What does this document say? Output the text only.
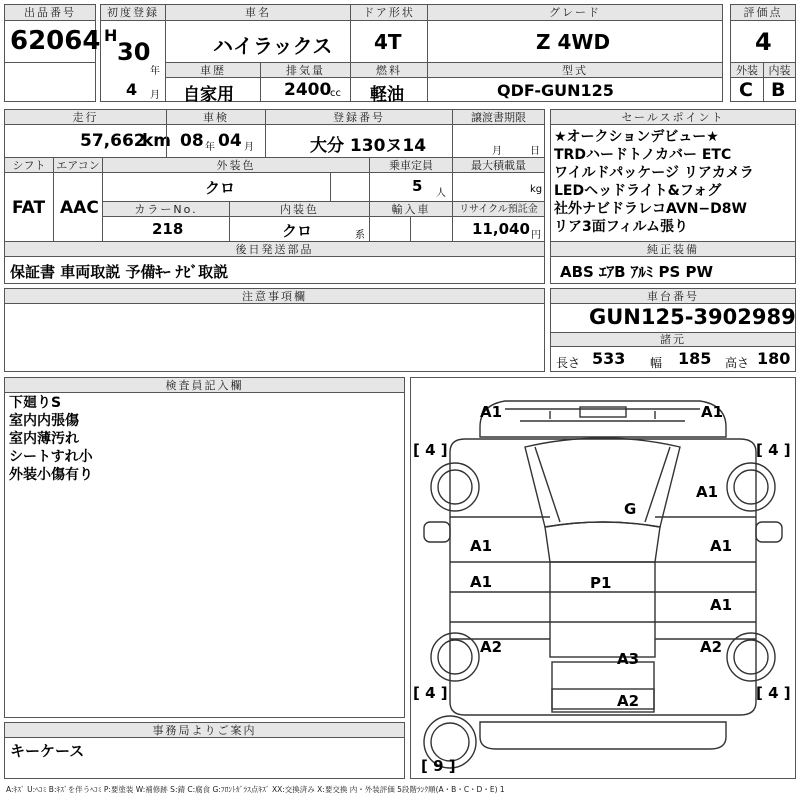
出品番号
62064
初度登録
H
30
年
4 月
車名
ハイラックス
ドア形状
4T
グレード
Z 4WD
評価点
4
車歴
自家用
排気量
2400
cc
燃料
軽油
型式
QDF-GUN125
外装 内装
C B
走行
57,662
km
車検
08 年 04 月
登録番号
大分 130ヌ14
譲渡書期限
月	日
シフト
FAT
エアコン
AAC
外装色
クロ
乗車定員
5 人
最大積載量
kg
カラーNo.
218
内装色
クロ	系
輸入車	リサイクル預託金
11,040 円
セールスポイント
★オークションデビュー★
TRDハードトノカバー ETC
ワイルドパッケージ リアカメラ
LEDヘッドライト&フォグ
社外ナビドラレコAVN−D8W
リア3面フィルム張り
後日発送部品
保証書 車両取説 予備ｷｰ ﾅﾋﾞ取説
純正装備
ABS ｴｱB ｱﾙﾐ PS PW
注意事項欄	車台番号
GUN125-3902989
諸元
長さ 533 幅 185 高さ 180
検査員記入欄
下廻りS
室内内張傷
室内薄汚れ
シートすれ小
外装小傷有り
事務局よりご案内
キーケース
A1	A1
A1
A1	A1
A1
A1
G
P1
A2	A2
A3
A2
[ 4 ]	[ 4 ]
[ 4 ]	[ 4 ]
[ 9 ]
A:ｷｽﾞ U:ﾍｺﾐ B:ｷｽﾞを伴うﾍｺﾐ P:要塗装 W:補修跡 S:錆 C:腐食 G:ﾌﾛﾝﾄｶﾞﾗｽ点ｷｽﾞ XX:交換済み X:要交換 内・外装評価 5段階ﾗﾝｸ順(A・B・C・D・E) 1
